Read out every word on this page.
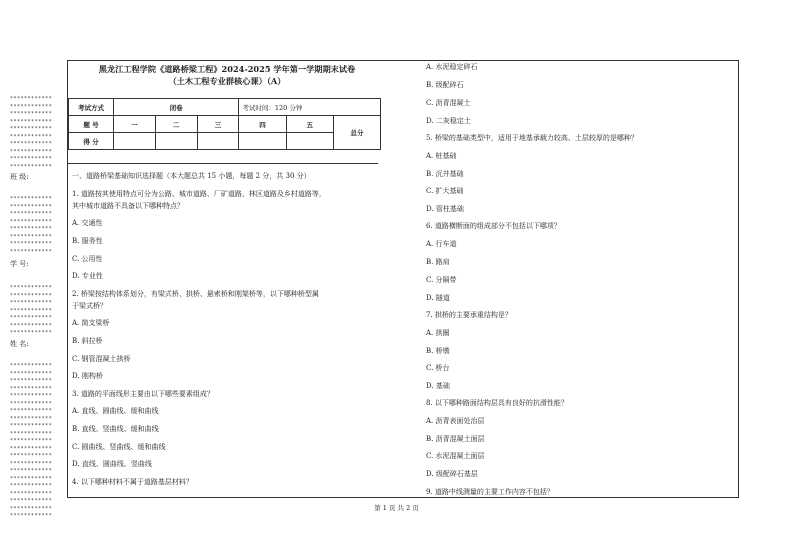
************
************
************
************
************
************
************
************
************
************
班 级:
************
************
************
************
************
************
************
************
学 号:
************
************
************
************
************
************
************
姓 名:
************
************
************
************
************
************
************
************
************
************
************
************
************
************
************
************
************
************
************
************
************
黑龙江工程学院《道路桥梁工程》2024-2025 学年第一学期期末试卷
（土木工程专业群核心课）（A）
考试方式	闭卷			考试时间：120 分钟		
题 号	一	二	三	四	五	总分
得 分						
一、道路桥梁基础知识选择题（本大题总共 15 小题，每题 2 分，共 30 分）
1. 道路按其使用特点可分为公路、城市道路、厂矿道路、林区道路及乡村道路等，
其中城市道路不具备以下哪种特点？
A. 交通性
B. 服务性
C. 公用性
D. 专业性
2. 桥梁按结构体系划分，有梁式桥、拱桥、悬索桥和刚架桥等，以下哪种桥型属
于梁式桥？
A. 简支梁桥
B. 斜拉桥
C. 钢管混凝土拱桥
D. 刚构桥
3. 道路的平面线形主要由以下哪些要素组成？
A. 直线、圆曲线、缓和曲线
B. 直线、竖曲线、缓和曲线
C. 圆曲线、竖曲线、缓和曲线
D. 直线、圆曲线、竖曲线
4. 以下哪种材料不属于道路基层材料？
A. 水泥稳定碎石
B. 级配碎石
C. 沥青混凝土
D. 二灰稳定土
5. 桥梁的基础类型中，适用于地基承载力较高、土层较厚的是哪种？
A. 桩基础
B. 沉井基础
C. 扩大基础
D. 管柱基础
6. 道路横断面的组成部分不包括以下哪项？
A. 行车道
B. 路肩
C. 分隔带
D. 隧道
7. 拱桥的主要承重结构是？
A. 拱圈
B. 桥墩
C. 桥台
D. 基础
8. 以下哪种路面结构层具有良好的抗滑性能？
A. 沥青表面处治层
B. 沥青混凝土面层
C. 水泥混凝土面层
D. 级配碎石基层
9. 道路中线测量的主要工作内容不包括？
第 1 页 共 2 页
